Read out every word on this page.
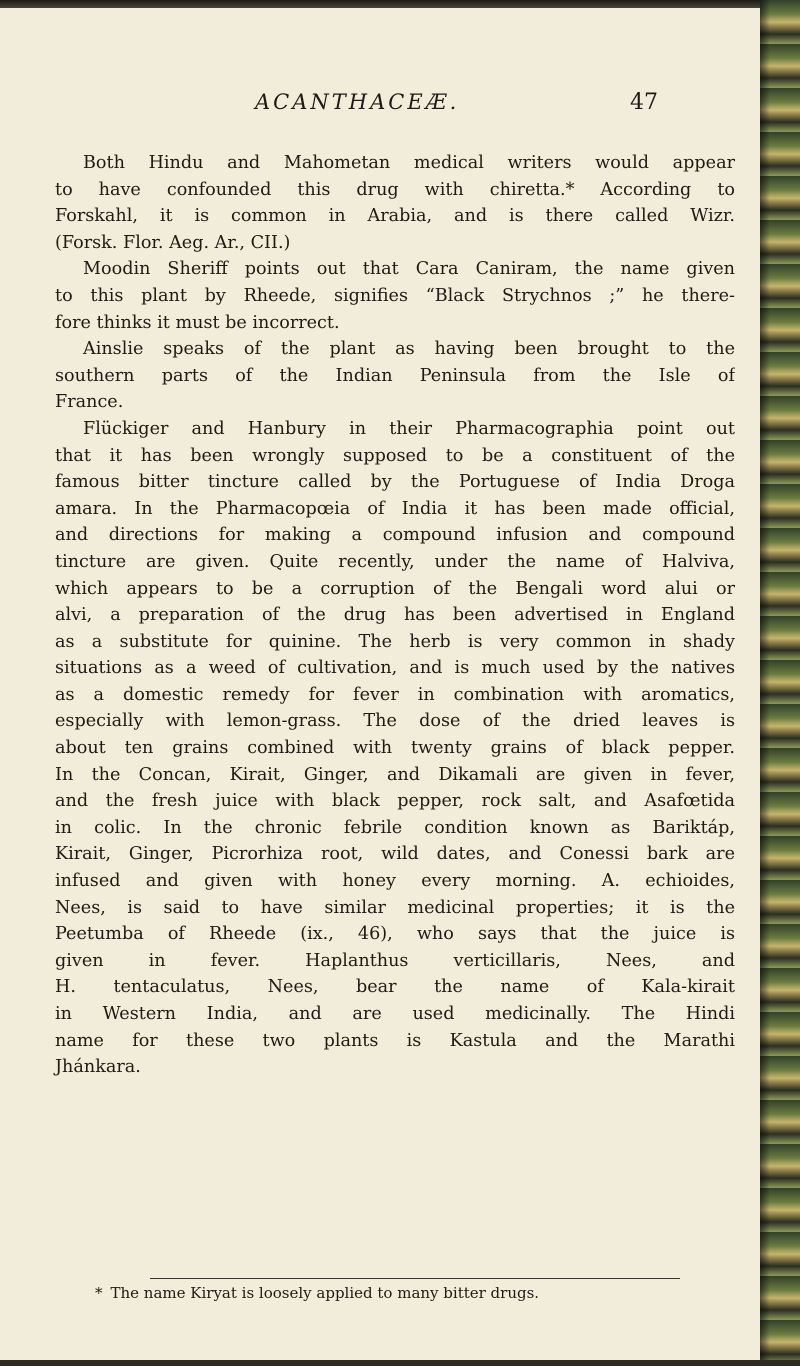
ACANTHACEÆ.	47
Both Hindu and Mahometan medical writers would appear
to have confounded this drug with chiretta.* According to
Forskahl, it is common in Arabia, and is there called Wizr.
(Forsk. Flor. Aeg. Ar., CII.)
Moodin Sheriff points out that Cara Caniram, the name given
to this plant by Rheede, signifies “Black Strychnos ;” he there-
fore thinks it must be incorrect.
Ainslie speaks of the plant as having been brought to the
southern parts of the Indian Peninsula from the Isle of
France.
Flückiger and Hanbury in their Pharmacographia point out
that it has been wrongly supposed to be a constituent of the
famous bitter tincture called by the Portuguese of India Droga
amara. In the Pharmacopœia of India it has been made official,
and directions for making a compound infusion and compound
tincture are given. Quite recently, under the name of Halviva,
which appears to be a corruption of the Bengali word alui or
alvi, a preparation of the drug has been advertised in England
as a substitute for quinine. The herb is very common in shady
situations as a weed of cultivation, and is much used by the natives
as a domestic remedy for fever in combination with aromatics,
especially with lemon-grass. The dose of the dried leaves is
about ten grains combined with twenty grains of black pepper.
In the Concan, Kirait, Ginger, and Dikamali are given in fever,
and the fresh juice with black pepper, rock salt, and Asafœtida
in colic. In the chronic febrile condition known as Bariktáp,
Kirait, Ginger, Picrorhiza root, wild dates, and Conessi bark are
infused and given with honey every morning. A. echioides,
Nees, is said to have similar medicinal properties; it is the
Peetumba of Rheede (ix., 46), who says that the juice is
given in fever. Haplanthus verticillaris, Nees, and
H. tentaculatus, Nees, bear the name of Kala-kirait
in Western India, and are used medicinally. The Hindi
name for these two plants is Kastula and the Marathi
Jhánkara.
* The name Kiryat is loosely applied to many bitter drugs.
